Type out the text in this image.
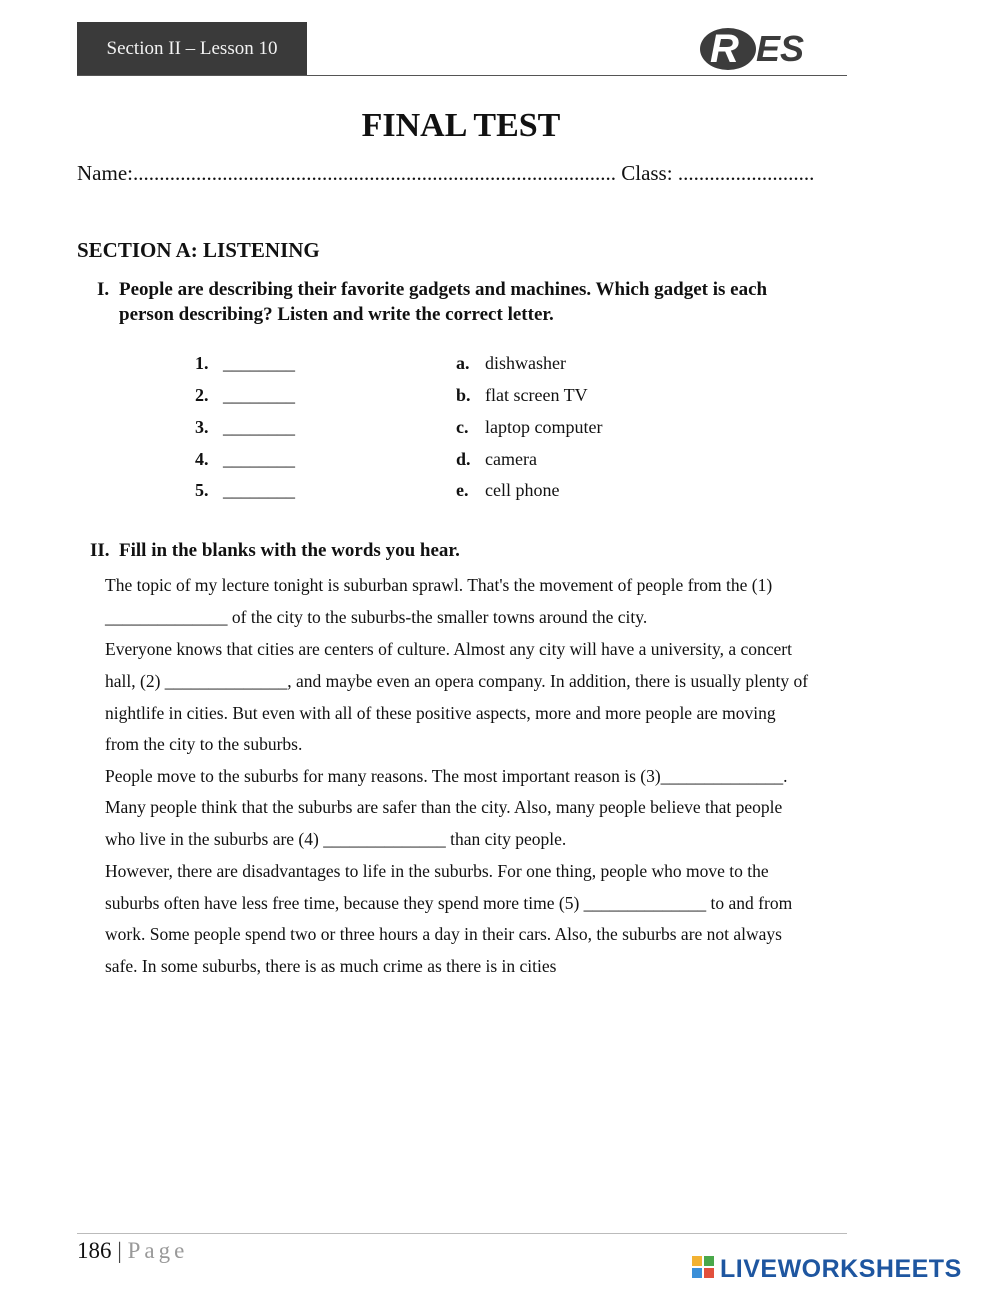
Section II – Lesson 10	R ES
FINAL TEST
Name:............................................................................................ Class: ..........................
SECTION A: LISTENING
I. People are describing their favorite gadgets and machines. Which gadget is each
person describing? Listen and write the correct letter.
1. ________
2. ________
3. ________
4. ________
5. ________
a. dishwasher
b. flat screen TV
c. laptop computer
d. camera
e. cell phone
II. Fill in the blanks with the words you hear.
The topic of my lecture tonight is suburban sprawl. That's the movement of people from the (1)
______________ of the city to the suburbs-the smaller towns around the city.
Everyone knows that cities are centers of culture. Almost any city will have a university, a concert
hall, (2) ______________, and maybe even an opera company. In addition, there is usually plenty of
nightlife in cities. But even with all of these positive aspects, more and more people are moving
from the city to the suburbs.
People move to the suburbs for many reasons. The most important reason is (3)______________.
Many people think that the suburbs are safer than the city. Also, many people believe that people
who live in the suburbs are (4) ______________ than city people.
However, there are disadvantages to life in the suburbs. For one thing, people who move to the
suburbs often have less free time, because they spend more time (5) ______________ to and from
work. Some people spend two or three hours a day in their cars. Also, the suburbs are not always
safe. In some suburbs, there is as much crime as there is in cities
186 | Page
LIVEWORKSHEETS
